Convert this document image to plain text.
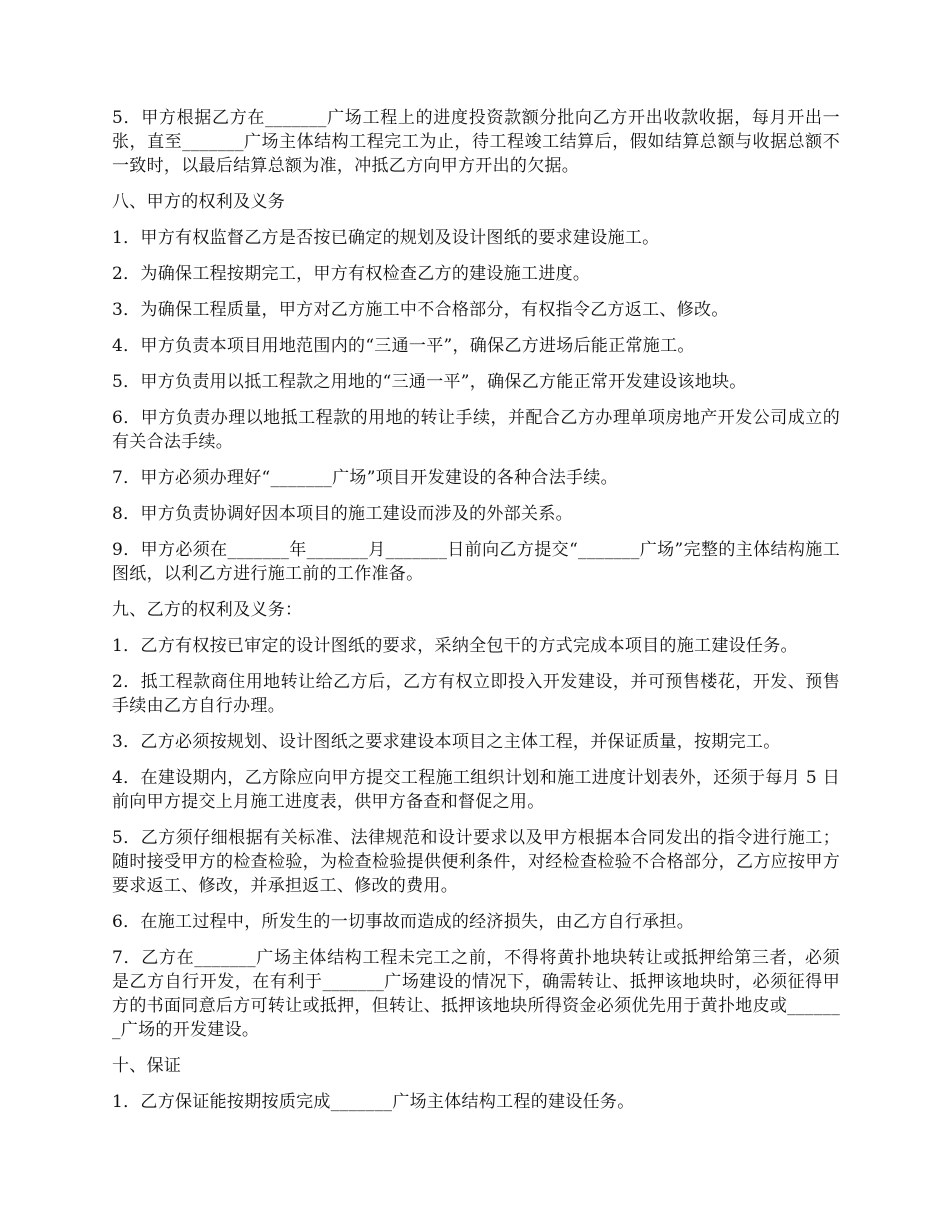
5．甲方根据乙方在_______广场工程上的进度投资款额分批向乙方开出收款收据，每月开出一张，直至_______广场主体结构工程完工为止，待工程竣工结算后，假如结算总额与收据总额不一致时，以最后结算总额为准，冲抵乙方向甲方开出的欠据。

八、甲方的权利及义务

1．甲方有权监督乙方是否按已确定的规划及设计图纸的要求建设施工。

2．为确保工程按期完工，甲方有权检查乙方的建设施工进度。

3．为确保工程质量，甲方对乙方施工中不合格部分，有权指令乙方返工、修改。

4．甲方负责本项目用地范围内的“三通一平”，确保乙方进场后能正常施工。

5．甲方负责用以抵工程款之用地的“三通一平”，确保乙方能正常开发建设该地块。

6．甲方负责办理以地抵工程款的用地的转让手续，并配合乙方办理单项房地产开发公司成立的有关合法手续。

7．甲方必须办理好“_______广场”项目开发建设的各种合法手续。

8．甲方负责协调好因本项目的施工建设而涉及的外部关系。

9．甲方必须在_______年_______月_______日前向乙方提交“_______广场”完整的主体结构施工图纸，以利乙方进行施工前的工作准备。

九、乙方的权利及义务：

1．乙方有权按已审定的设计图纸的要求，采纳全包干的方式完成本项目的施工建设任务。

2．抵工程款商住用地转让给乙方后，乙方有权立即投入开发建设，并可预售楼花，开发、预售手续由乙方自行办理。

3．乙方必须按规划、设计图纸之要求建设本项目之主体工程，并保证质量，按期完工。

4．在建设期内，乙方除应向甲方提交工程施工组织计划和施工进度计划表外，还须于每月 5 日前向甲方提交上月施工进度表，供甲方备查和督促之用。

5．乙方须仔细根据有关标准、法律规范和设计要求以及甲方根据本合同发出的指令进行施工；随时接受甲方的检查检验，为检查检验提供便利条件，对经检查检验不合格部分，乙方应按甲方要求返工、修改，并承担返工、修改的费用。

6．在施工过程中，所发生的一切事故而造成的经济损失，由乙方自行承担。

7．乙方在_______广场主体结构工程未完工之前，不得将黄扑地块转让或抵押给第三者，必须是乙方自行开发，在有利于_______广场建设的情况下，确需转让、抵押该地块时，必须征得甲方的书面同意后方可转让或抵押，但转让、抵押该地块所得资金必须优先用于黄扑地皮或_______广场的开发建设。

十、保证

1．乙方保证能按期按质完成_______广场主体结构工程的建设任务。
